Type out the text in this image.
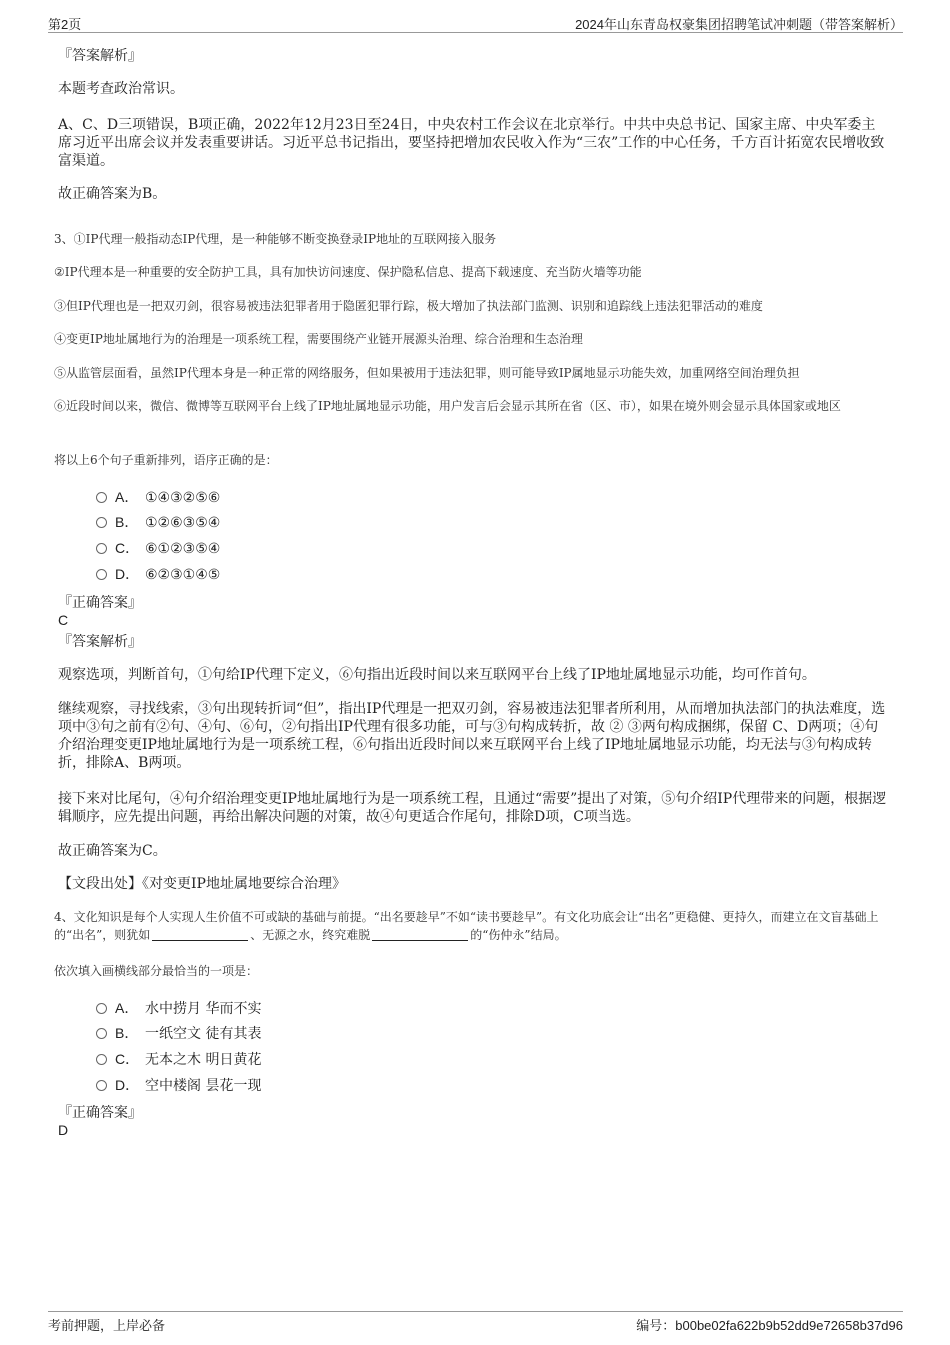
第2页	2024年山东青岛权豪集团招聘笔试冲刺题（带答案解析）
『答案解析』
本题考查政治常识。
A、C、D三项错误，B项正确，2022年12月23日至24日，中央农村工作会议在北京举行。中共中央总书记、国家主席、中央军委主席习近平出席会议并发表重要讲话。习近平总书记指出，要坚持把增加农民收入作为“三农”工作的中心任务，千方百计拓宽农民增收致富渠道。
故正确答案为B。
3、①IP代理一般指动态IP代理，是一种能够不断变换登录IP地址的互联网接入服务
②IP代理本是一种重要的安全防护工具，具有加快访问速度、保护隐私信息、提高下载速度、充当防火墙等功能
③但IP代理也是一把双刃剑，很容易被违法犯罪者用于隐匿犯罪行踪，极大增加了执法部门监测、识别和追踪线上违法犯罪活动的难度
④变更IP地址属地行为的治理是一项系统工程，需要围绕产业链开展源头治理、综合治理和生态治理
⑤从监管层面看，虽然IP代理本身是一种正常的网络服务，但如果被用于违法犯罪，则可能导致IP属地显示功能失效，加重网络空间治理负担
⑥近段时间以来，微信、微博等互联网平台上线了IP地址属地显示功能，用户发言后会显示其所在省（区、市），如果在境外则会显示具体国家或地区
将以上6个句子重新排列，语序正确的是：
A． ①④③②⑤⑥
B． ①②⑥③⑤④
C． ⑥①②③⑤④
D． ⑥②③①④⑤
『正确答案』
C
『答案解析』
观察选项，判断首句，①句给IP代理下定义，⑥句指出近段时间以来互联网平台上线了IP地址属地显示功能，均可作首句。
继续观察，寻找线索，③句出现转折词“但”，指出IP代理是一把双刃剑，容易被违法犯罪者所利用，从而增加执法部门的执法难度，选项中③句之前有②句、④句、⑥句，②句指出IP代理有很多功能，可与③句构成转折，故 ② ③两句构成捆绑，保留 C、D两项；④句介绍治理变更IP地址属地行为是一项系统工程，⑥句指出近段时间以来互联网平台上线了IP地址属地显示功能，均无法与③句构成转折，排除A、B两项。
接下来对比尾句，④句介绍治理变更IP地址属地行为是一项系统工程，且通过“需要”提出了对策，⑤句介绍IP代理带来的问题，根据逻辑顺序，应先提出问题，再给出解决问题的对策，故④句更适合作尾句，排除D项，C项当选。
故正确答案为C。
【文段出处】《对变更IP地址属地要综合治理》
4、文化知识是每个人实现人生价值不可或缺的基础与前提。“出名要趁早”不如“读书要趁早”。有文化功底会让“出名”更稳健、更持久，而建立在文盲基础上的“出名”，则犹如	、无源之水，终究难脱	的“伤仲永”结局。
依次填入画横线部分最恰当的一项是：
A． 水中捞月 华而不实
B． 一纸空文 徒有其表
C． 无本之木 明日黄花
D． 空中楼阁 昙花一现
『正确答案』
D
考前押题，上岸必备	编号：b00be02fa622b9b52dd9e72658b37d96
